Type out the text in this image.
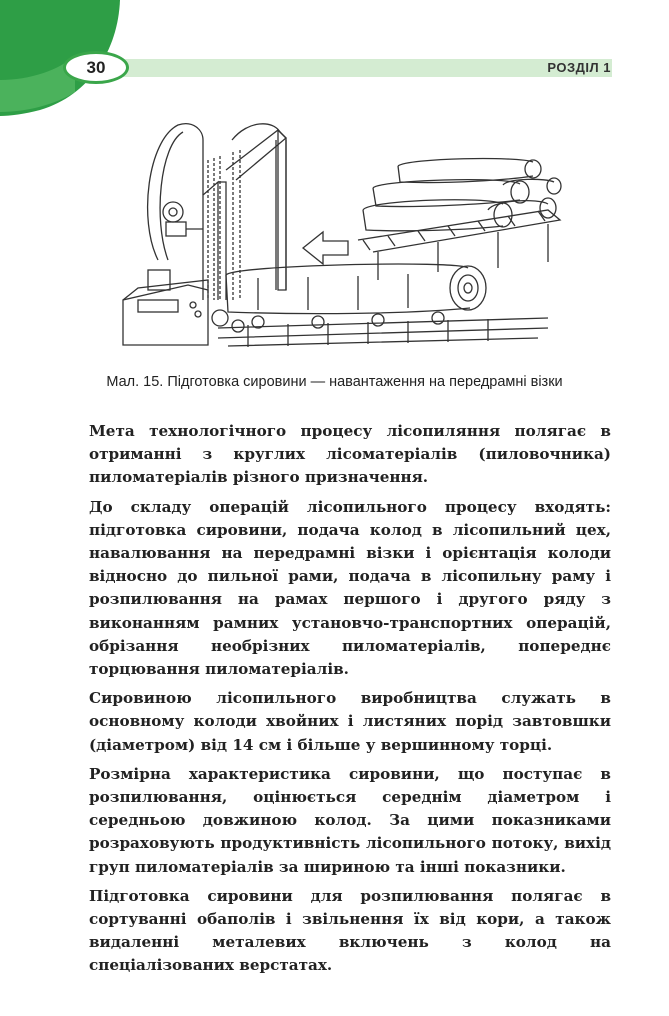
30	РОЗДІЛ 1
Мал. 15. Підготовка сировини — навантаження на передрамні візки

Мета технологічного процесу лісопиляння полягає в отриманні з круглих лісоматеріалів (пиловочника) пиломатеріалів різного призначення.

До складу операцій лісопильного процесу входять: підготовка сировини, подача колод в лісопильний цех, навалювання на передрамні візки і орієнтація колоди відносно до пильної рами, подача в лісопильну раму і розпилювання на рамах першого і другого ряду з виконанням рамних установчо-транспортних операцій, обрізання необрізних пиломатеріалів, попереднє торцювання пиломатеріалів.

Сировиною лісопильного виробництва служать в основному колоди хвойних і листяних порід завтовшки (діаметром) від 14 см і більше у вершинному торці.

Розмірна характеристика сировини, що поступає в розпилювання, оцінюється середнім діаметром і середньою довжиною колод. За цими показниками розраховують продуктивність лісопильного потоку, вихід груп пиломатеріалів за шириною та інші показники.

Підготовка сировини для розпилювання полягає в сортуванні обаполів і звільнення їх від кори, а також видаленні металевих включень з колод на спеціалізованих верстатах.
